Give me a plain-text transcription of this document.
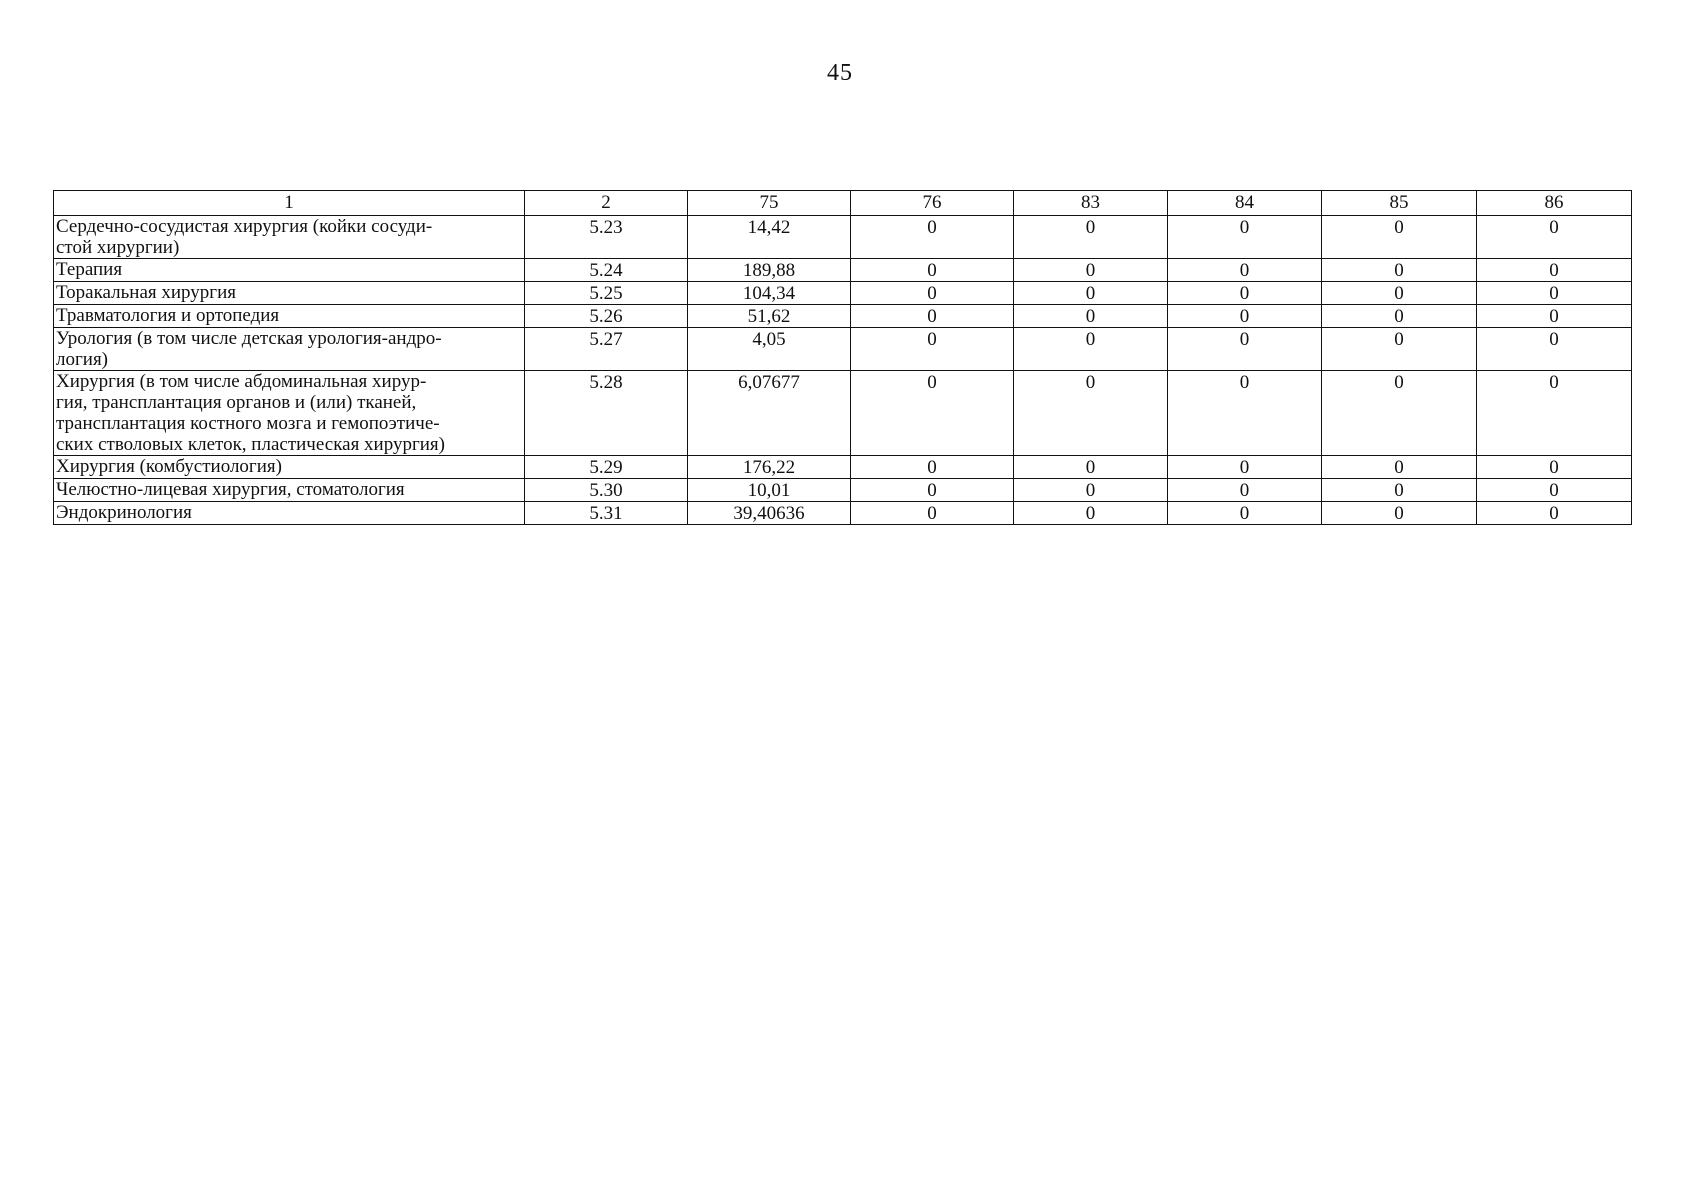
45
1	2	75	76	83	84	85	86

Сердечно-сосудистая хирургия (койки сосуди-
стой хирургии)	5.23	14,42	0	0	0	0	0

Терапия	5.24	189,88	0	0	0	0	0

Торакальная хирургия	5.25	104,34	0	0	0	0	0

Травматология и ортопедия	5.26	51,62	0	0	0	0	0

Урология (в том числе детская урология-андро-
логия)	5.27	4,05	0	0	0	0	0

Хирургия (в том числе абдоминальная хирур-
гия, трансплантация органов и (или) тканей,
трансплантация костного мозга и гемопоэтиче-
ских стволовых клеток, пластическая хирургия)	5.28	6,07677	0	0	0	0	0

Хирургия (комбустиология)	5.29	176,22	0	0	0	0	0

Челюстно-лицевая хирургия, стоматология	5.30	10,01	0	0	0	0	0

Эндокринология	5.31	39,40636	0	0	0	0	0
